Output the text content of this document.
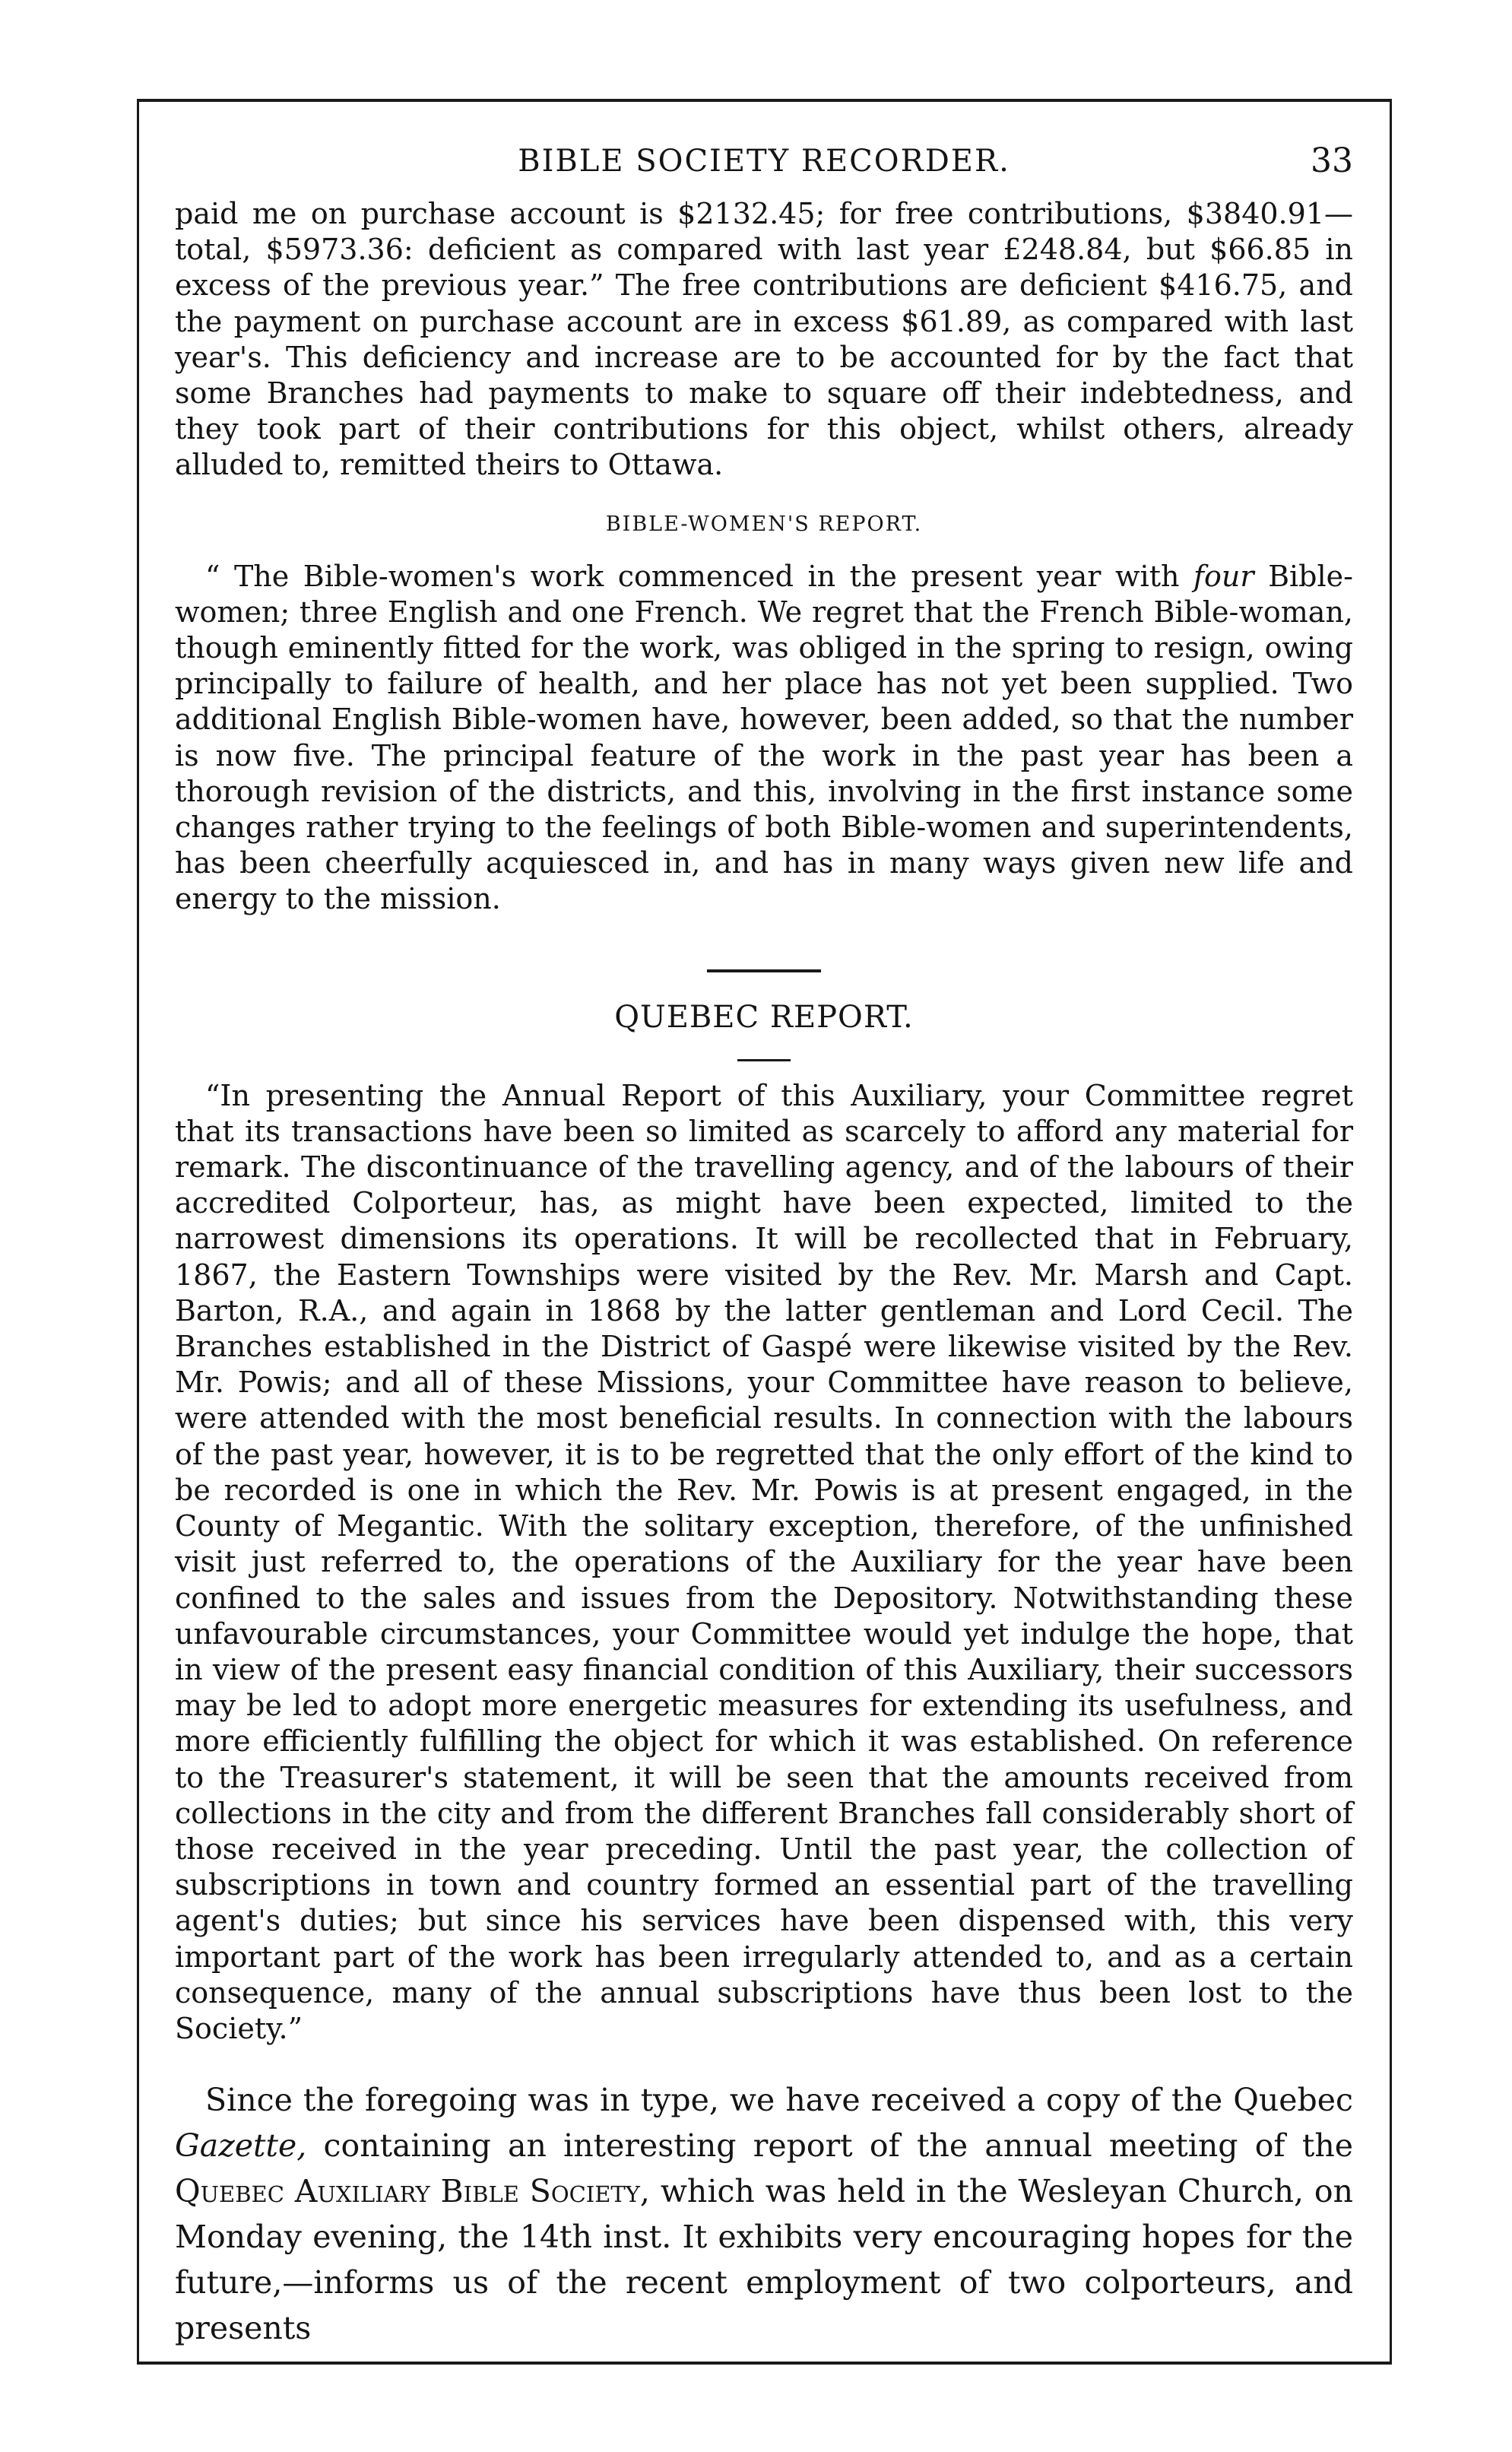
BIBLE SOCIETY RECORDER.	33

paid me on purchase account is $2132.45; for free contributions, $3840.91—total, $5973.36: deficient as compared with last year £248.84, but $66.85 in excess of the previous year.” The free contributions are deficient $416.75, and the payment on purchase account are in excess $61.89, as compared with last year's. This deficiency and increase are to be accounted for by the fact that some Branches had payments to make to square off their indebtedness, and they took part of their contributions for this object, whilst others, already alluded to, remitted theirs to Ottawa.

BIBLE-WOMEN'S REPORT.

“ The Bible-women's work commenced in the present year with four Bible-women; three English and one French. We regret that the French Bible-woman, though eminently fitted for the work, was obliged in the spring to resign, owing principally to failure of health, and her place has not yet been supplied. Two additional English Bible-women have, however, been added, so that the number is now five. The principal feature of the work in the past year has been a thorough revision of the districts, and this, involving in the first instance some changes rather trying to the feelings of both Bible-women and superintendents, has been cheerfully acquiesced in, and has in many ways given new life and energy to the mission.

QUEBEC REPORT.

“In presenting the Annual Report of this Auxiliary, your Committee regret that its transactions have been so limited as scarcely to afford any material for remark. The discontinuance of the travelling agency, and of the labours of their accredited Colporteur, has, as might have been expected, limited to the narrowest dimensions its operations. It will be recollected that in February, 1867, the Eastern Townships were visited by the Rev. Mr. Marsh and Capt. Barton, R.A., and again in 1868 by the latter gentleman and Lord Cecil. The Branches established in the District of Gaspé were likewise visited by the Rev. Mr. Powis; and all of these Missions, your Committee have reason to believe, were attended with the most beneficial results. In connection with the labours of the past year, however, it is to be regretted that the only effort of the kind to be recorded is one in which the Rev. Mr. Powis is at present engaged, in the County of Megantic. With the solitary exception, therefore, of the unfinished visit just referred to, the operations of the Auxiliary for the year have been confined to the sales and issues from the Depository. Notwithstanding these unfavourable circumstances, your Committee would yet indulge the hope, that in view of the present easy financial condition of this Auxiliary, their successors may be led to adopt more energetic measures for extending its usefulness, and more efficiently fulfilling the object for which it was established. On reference to the Treasurer's statement, it will be seen that the amounts received from collections in the city and from the different Branches fall considerably short of those received in the year preceding. Until the past year, the collection of subscriptions in town and country formed an essential part of the travelling agent's duties; but since his services have been dispensed with, this very important part of the work has been irregularly attended to, and as a certain consequence, many of the annual subscriptions have thus been lost to the Society.”

Since the foregoing was in type, we have received a copy of the Quebec Gazette, containing an interesting report of the annual meeting of the Quebec Auxiliary Bible Society, which was held in the Wesleyan Church, on Monday evening, the 14th inst. It exhibits very encouraging hopes for the future,—informs us of the recent employment of two colporteurs, and presents
